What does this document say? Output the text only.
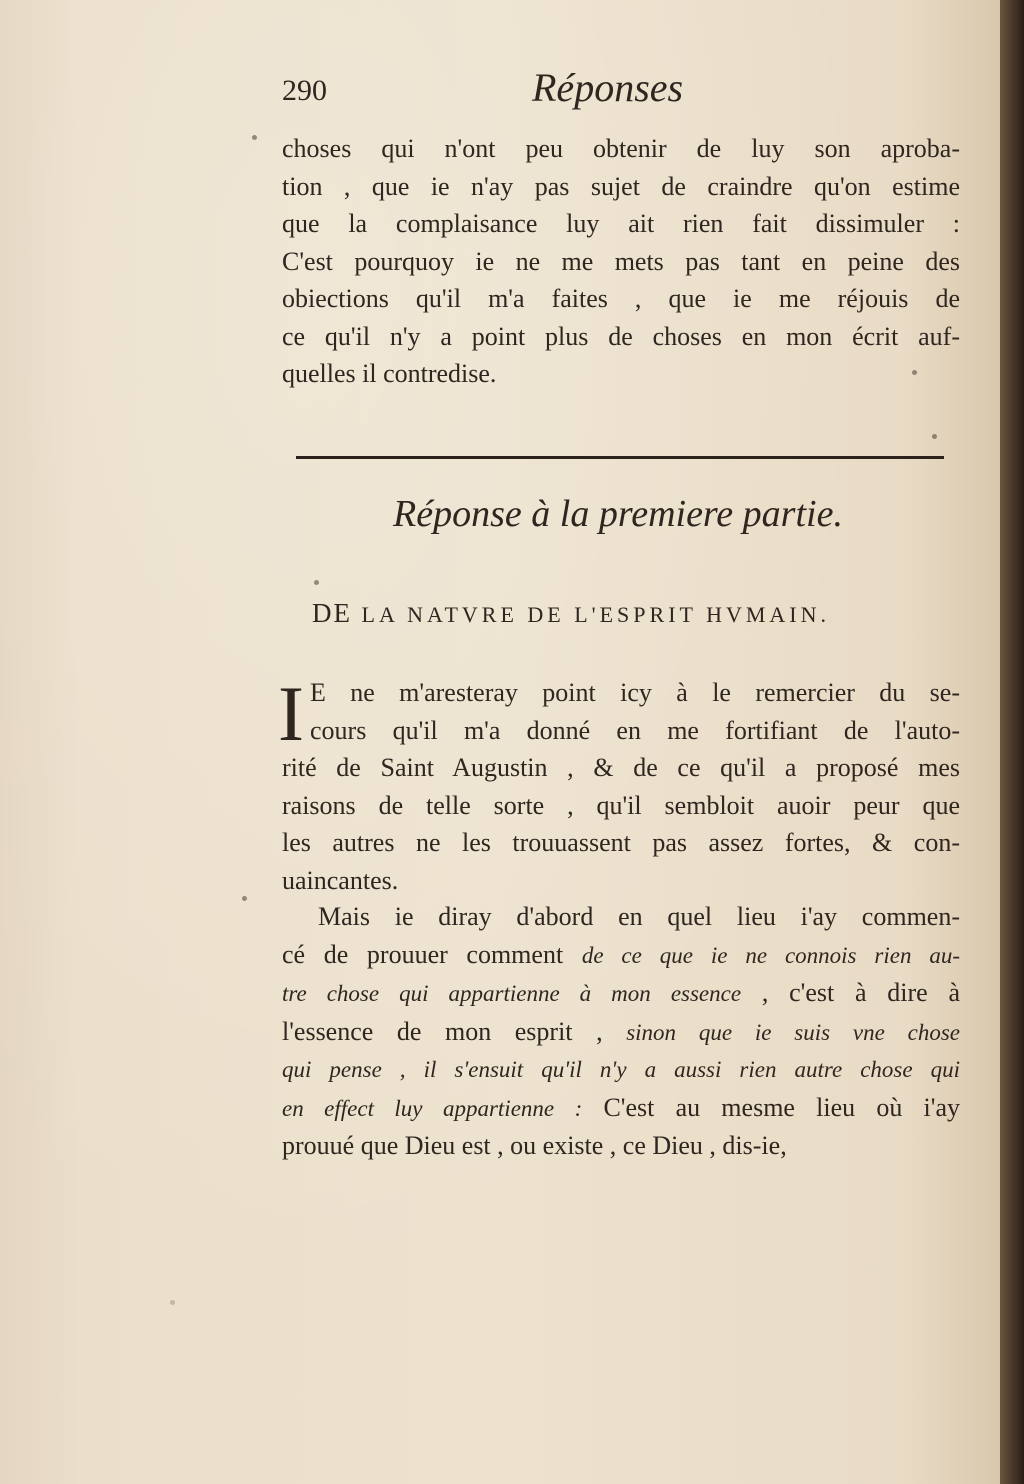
290	Réponses
choses qui n'ont peu obtenir de luy son aproba-
tion , que ie n'ay pas sujet de craindre qu'on estime
que la complaisance luy ait rien fait dissimuler :
C'est pourquoy ie ne me mets pas tant en peine des
obiections qu'il m'a faites , que ie me réjouis de
ce qu'il n'y a point plus de choses en mon écrit auf-
quelles il contredise.
Réponse à la premiere partie.
DE LA NATVRE DE L'ESPRIT HVMAIN.
I E ne m'aresteray point icy à le remercier du se-
cours qu'il m'a donné en me fortifiant de l'auto-
rité de Saint Augustin , & de ce qu'il a proposé mes
raisons de telle sorte , qu'il sembloit auoir peur que
les autres ne les trouuassent pas assez fortes, & con-
uaincantes.
Mais ie diray d'abord en quel lieu i'ay commen-
cé de prouuer comment de ce que ie ne connois rien au-
tre chose qui appartienne à mon essence , c'est à dire à
l'essence de mon esprit , sinon que ie suis vne chose
qui pense , il s'ensuit qu'il n'y a aussi rien autre chose qui
en effect luy appartienne : C'est au mesme lieu où i'ay
prouué que Dieu est , ou existe , ce Dieu , dis-ie,
